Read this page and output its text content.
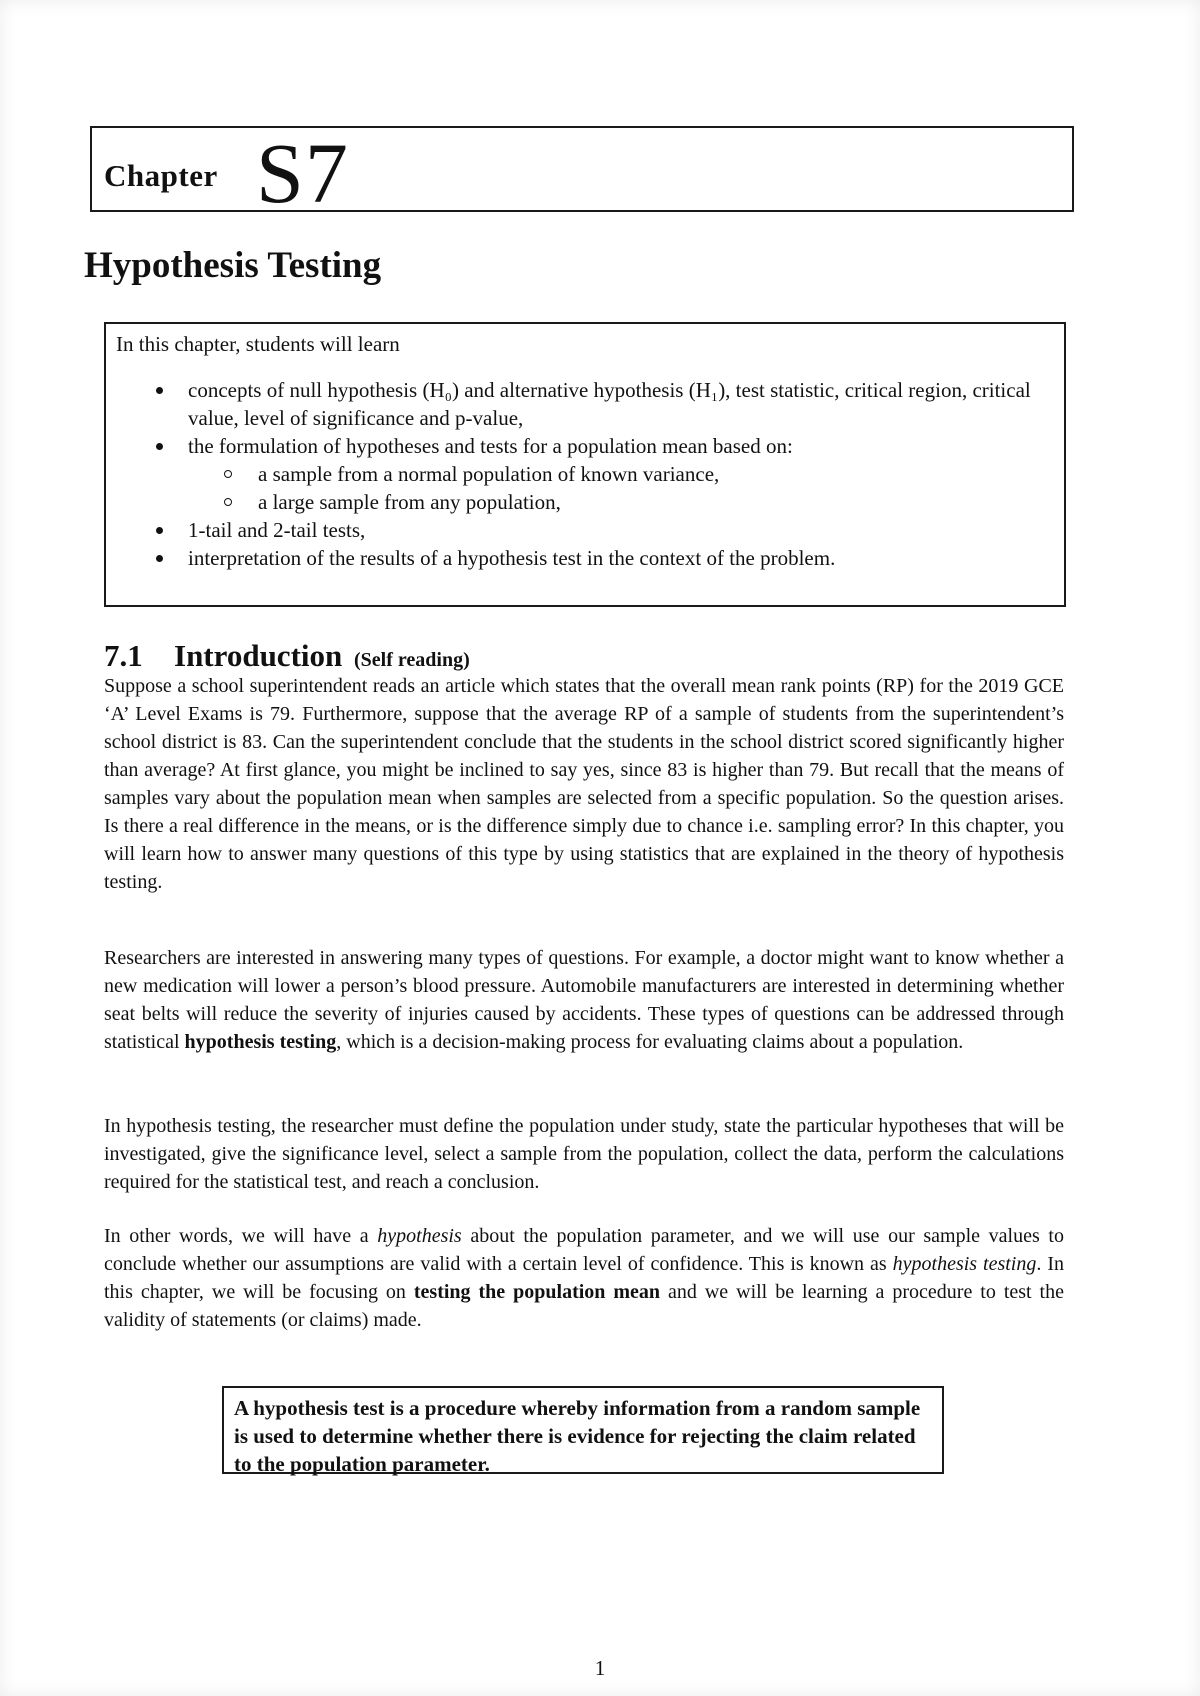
Chapter S7
Hypothesis Testing
In this chapter, students will learn
concepts of null hypothesis (H₀) and alternative hypothesis (H₁), test statistic, critical region, critical value, level of significance and p-value,
the formulation of hypotheses and tests for a population mean based on:
a sample from a normal population of known variance,
a large sample from any population,
1-tail and 2-tail tests,
interpretation of the results of a hypothesis test in the context of the problem.
7.1 Introduction (Self reading)

Suppose a school superintendent reads an article which states that the overall mean rank points (RP) for the 2019 GCE ‘A’ Level Exams is 79. Furthermore, suppose that the average RP of a sample of students from the superintendent’s school district is 83. Can the superintendent conclude that the students in the school district scored significantly higher than average? At first glance, you might be inclined to say yes, since 83 is higher than 79. But recall that the means of samples vary about the population mean when samples are selected from a specific population. So the question arises. Is there a real difference in the means, or is the difference simply due to chance i.e. sampling error? In this chapter, you will learn how to answer many questions of this type by using statistics that are explained in the theory of hypothesis testing.

Researchers are interested in answering many types of questions. For example, a doctor might want to know whether a new medication will lower a person’s blood pressure. Automobile manufacturers are interested in determining whether seat belts will reduce the severity of injuries caused by accidents. These types of questions can be addressed through statistical hypothesis testing, which is a decision-making process for evaluating claims about a population.

In hypothesis testing, the researcher must define the population under study, state the particular hypotheses that will be investigated, give the significance level, select a sample from the population, collect the data, perform the calculations required for the statistical test, and reach a conclusion.

In other words, we will have a hypothesis about the population parameter, and we will use our sample values to conclude whether our assumptions are valid with a certain level of confidence. This is known as hypothesis testing. In this chapter, we will be focusing on testing the population mean and we will be learning a procedure to test the validity of statements (or claims) made.

A hypothesis test is a procedure whereby information from a random sample is used to determine whether there is evidence for rejecting the claim related to the population parameter.

1
